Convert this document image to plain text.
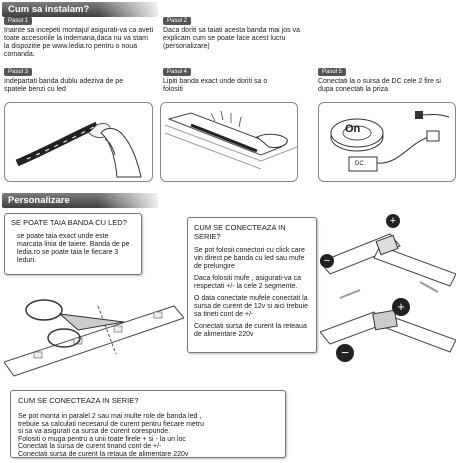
Cum sa instalam?
Pasul 1
Inainte sa incepeti montajul asigurati-va ca aveti toate accesoriile la indemana,daca nu va stam la dispozitie pe www.ledia.ro pentru o noua comanda.
Pasul 2
Daca doriti sa taiati acesta banda mai jos va explicam cum se poate face acest lucru (personalizare)
Pasul 3
Indepartati banda dublu adeziva de pe spatele benzi cu led
Pasul 4
Lipiti banda exact unde doriti sa o folositi
Pasul 5
Conectati la o sursa de DC cele 2 fire si dupa conectati la priza
On
DC
Personalizare
SE POATE TAIA BANDA CU LED?
se poate taia exact unde este marcata linia de taiere. Banda de pe ledia.ro se poate taia le fiecare 3 leduri.
CUM SE CONECTEAZA IN SERIE?
Se pot folosii conectori cu click care vin direct pe banda cu led sau mufe de prelungire
Daca folositi mufe , asigurati-va ca respectati +/- la cele 2 segmente.
O data conectate mufele conectati la sursa de curent de 12v si aici trebuie sa tineti cont de +/-
Conectati sursa de curent la reteaua de alimentare 220v
+
−
+
−
CUM SE CONECTEAZA IN SERIE?
Se pot monta in paralel 2 sau mai multe role de banda led ,
trebuie sa calculati necesarul de curent pentru fiecare metru
si sa va asigurati ca sursa de curent corespunde.
Folositi o muga pentru a unii toate firele + si - la un loc
Conectati la sursa de curent tinand cont de +/-
Conectati sursa de curent la retaua de alimentare 220v
